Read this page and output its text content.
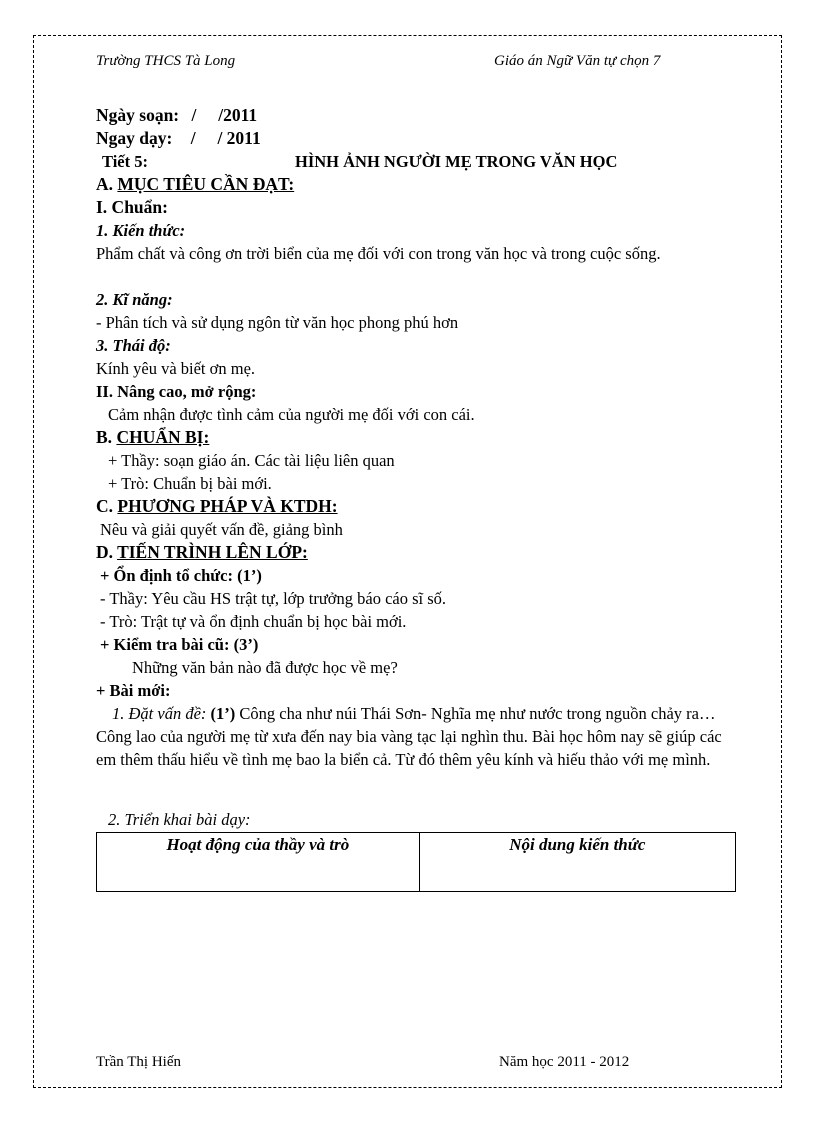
Trường THCS Tà Long	Giáo án Ngữ Văn tự chọn 7
Ngày soạn: /     /2011
Ngay dạy: /     / 2011
Tiết 5:	HÌNH ẢNH NGƯỜI MẸ TRONG VĂN HỌC
A. MỤC TIÊU CẦN ĐẠT:
I. Chuẩn:
1. Kiến thức:
Phẩm chất và công ơn trời biển của mẹ đối với con trong văn học và trong cuộc sống.
2. Kĩ năng:
- Phân tích và sử dụng ngôn từ văn học phong phú hơn
3. Thái độ:
Kính yêu và biết ơn mẹ.
II. Nâng cao, mở rộng:
Cảm nhận được tình cảm của người mẹ đối với con cái.
B. CHUẨN BỊ:
+ Thầy: soạn giáo án. Các tài liệu liên quan
+ Trò: Chuẩn bị bài mới.
C. PHƯƠNG PHÁP VÀ KTDH:
Nêu và giải quyết vấn đề, giảng bình
D. TIẾN TRÌNH LÊN LỚP:
+ Ổn định tổ chức: (1’)
- Thầy: Yêu cầu HS trật tự, lớp trưởng báo cáo sĩ số.
- Trò: Trật tự và ổn định chuẩn bị học bài mới.
+ Kiểm tra bài cũ: (3’)
Những văn bản nào đã được học về mẹ?
+ Bài mới:
1. Đặt vấn đề: (1’) Công cha như núi Thái Sơn- Nghĩa mẹ như nước trong nguồn chảy ra… Công lao của người mẹ từ xưa đến nay bia vàng tạc lại nghìn thu. Bài học hôm nay sẽ giúp các em thêm thấu hiểu về tình mẹ bao la biển cả. Từ đó thêm yêu kính và hiếu thảo với mẹ mình.
2. Triển khai bài dạy:
Hoạt động của thầy và trò	Nội dung kiến thức
Trần Thị Hiến	Năm học 2011 - 2012
